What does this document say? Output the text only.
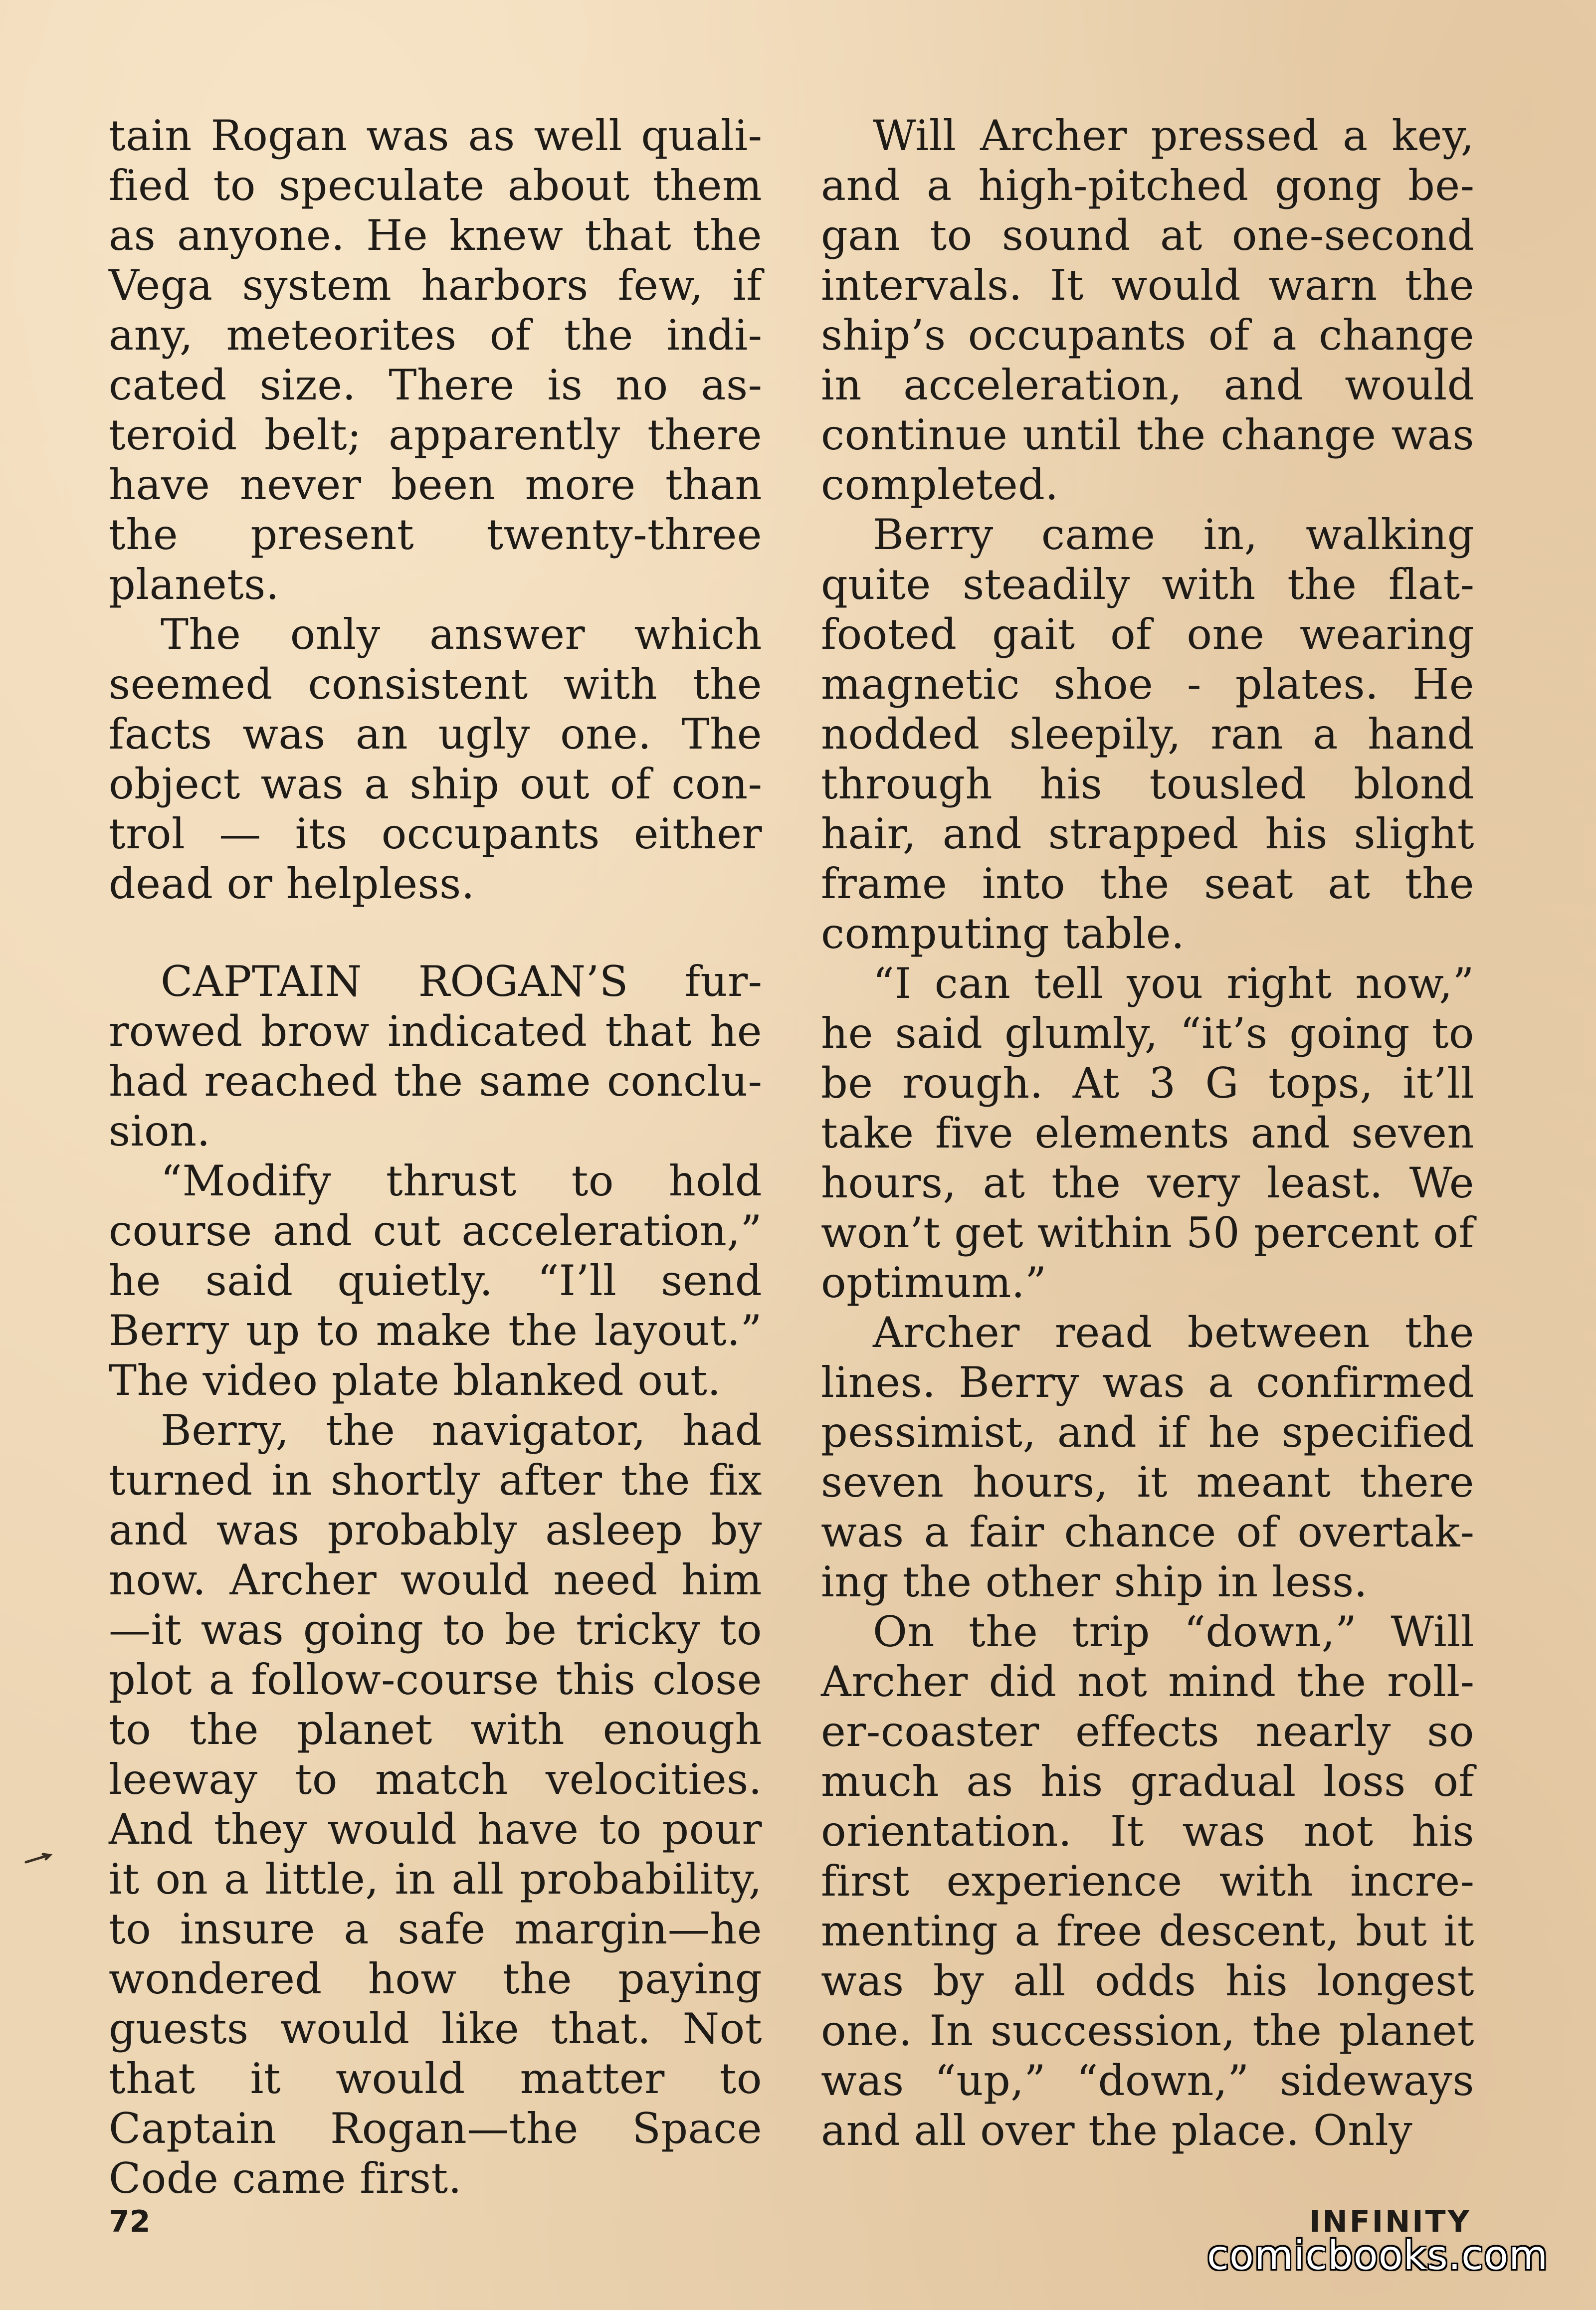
tain Rogan was as well qualified to speculate about them as anyone. He knew that the Vega system harbors few, if any, meteorites of the indicated size. There is no asteroid belt; apparently there have never been more than the present twenty-three planets.

The only answer which seemed consistent with the facts was an ugly one. The object was a ship out of control — its occupants either dead or helpless.

CAPTAIN ROGAN’S furrowed brow indicated that he had reached the same conclusion.

“Modify thrust to hold course and cut acceleration,” he said quietly. “I’ll send Berry up to make the layout.” The video plate blanked out.

Berry, the navigator, had turned in shortly after the fix and was probably asleep by now. Archer would need him —it was going to be tricky to plot a follow-course this close to the planet with enough leeway to match velocities. And they would have to pour it on a little, in all probability, to insure a safe margin—he wondered how the paying guests would like that. Not that it would matter to Captain Rogan—the Space Code came first.

Will Archer pressed a key, and a high-pitched gong began to sound at one-second intervals. It would warn the ship’s occupants of a change in acceleration, and would continue until the change was completed.

Berry came in, walking quite steadily with the flatfooted gait of one wearing magnetic shoe - plates. He nodded sleepily, ran a hand through his tousled blond hair, and strapped his slight frame into the seat at the computing table.

“I can tell you right now,” he said glumly, “it’s going to be rough. At 3 G tops, it’ll take five elements and seven hours, at the very least. We won’t get within 50 percent of optimum.”

Archer read between the lines. Berry was a confirmed pessimist, and if he specified seven hours, it meant there was a fair chance of overtaking the other ship in less.

On the trip “down,” Will Archer did not mind the roller-coaster effects nearly so much as his gradual loss of orientation. It was not his first experience with incrementing a free descent, but it was by all odds his longest one. In succession, the planet was “up,” “down,” sideways and all over the place. Only

72	INFINITY
comicbooks.com
